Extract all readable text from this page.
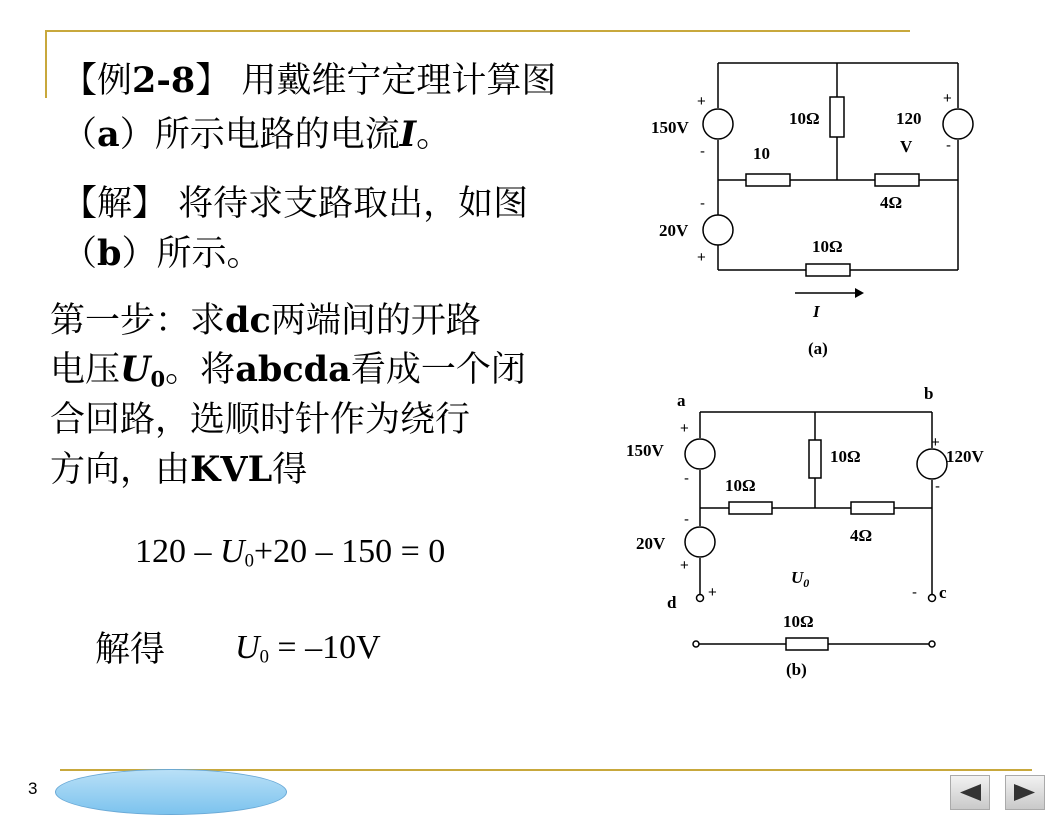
【例2-8】 用戴维宁定理计算图
（a）所示电路的电流I。
【解】 将待求支路取出，如图
（b）所示。
第一步：求dc两端间的开路
电压$U_0$。将abcda看成一个闭
合回路，选顺时针作为绕行
方向，由KVL得
$120 - U_0+20 - 150 = 0$
解得 $U_0 = -10V$
150V	120
V
20V
10Ω
10
4Ω
10Ω
I
(a)
+
-
+
-
-
+
a	b
c
d
150V	120V
20V
10Ω
10Ω
4Ω
10Ω
$U_0$
(b)
+
-
+
-
-
+
+	-
3
